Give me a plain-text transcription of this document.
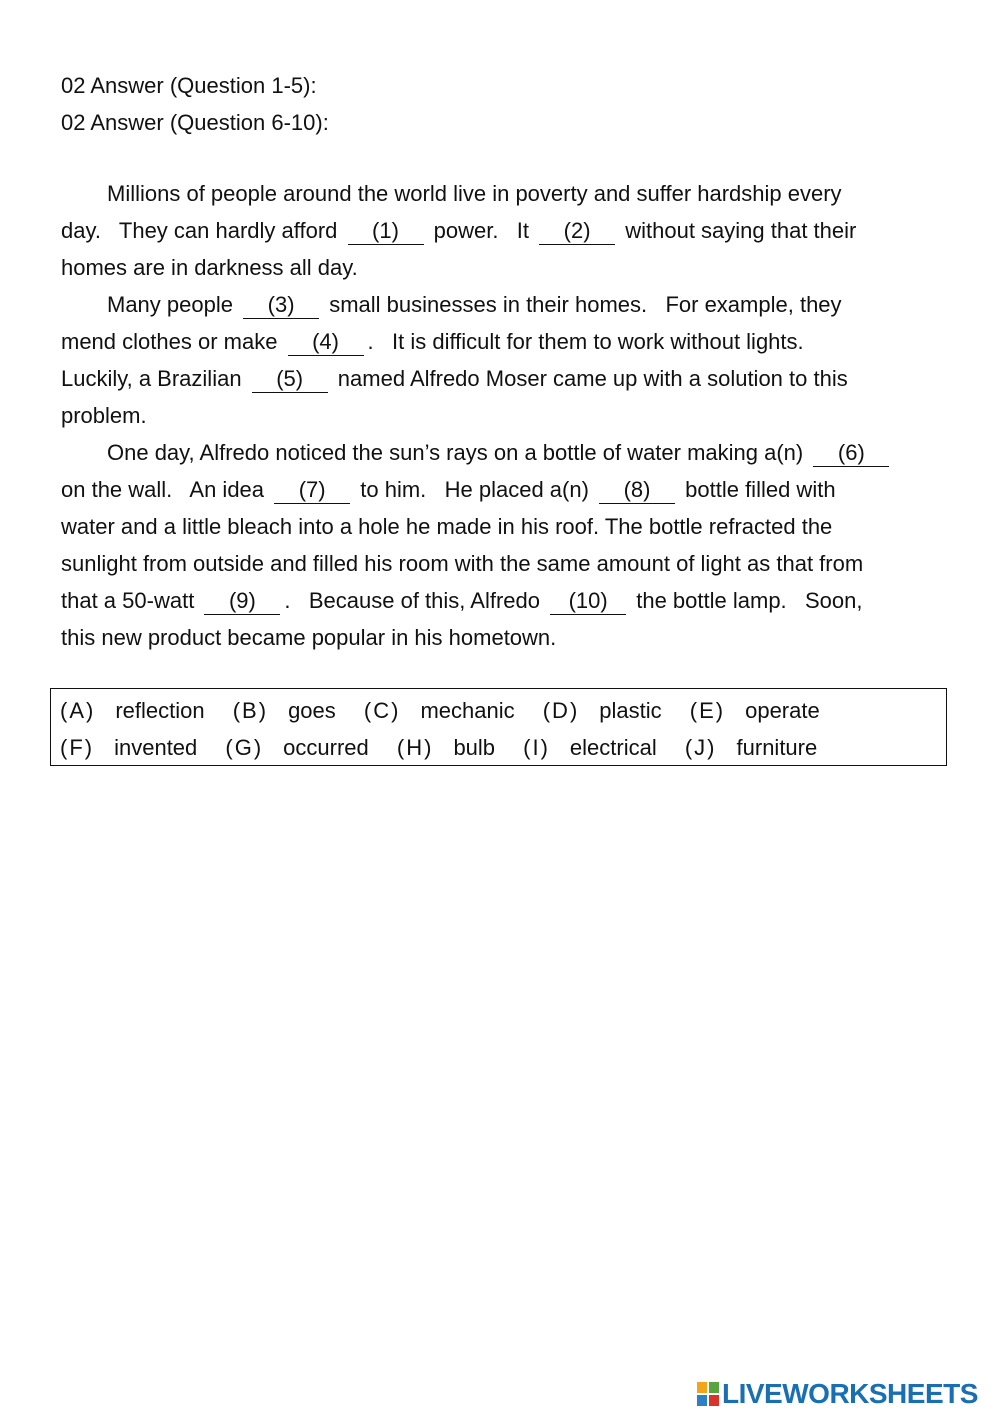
02 Answer (Question 1-5):
02 Answer (Question 6-10):
Millions of people around the world live in poverty and suffer hardship every
day.   They can hardly afford (1) power.   It (2) without saying that their
homes are in darkness all day.
Many people (3) small businesses in their homes.   For example, they
mend clothes or make (4) .   It is difficult for them to work without lights.
Luckily, a Brazilian (5) named Alfredo Moser came up with a solution to this
problem.
One day, Alfredo noticed the sun’s rays on a bottle of water making a(n) (6)
on the wall.   An idea (7) to him.   He placed a(n) (8) bottle filled with
water and a little bleach into a hole he made in his roof. The bottle refracted the
sunlight from outside and filled his room with the same amount of light as that from
that a 50-watt (9) .   Because of this, Alfredo (10) the bottle lamp.   Soon,
this new product became popular in his hometown.
(A) reflection (B) goes (C) mechanic (D) plastic (E) operate
(F) invented (G) occurred (H) bulb (I) electrical (J) furniture
LIVEWORKSHEETS
